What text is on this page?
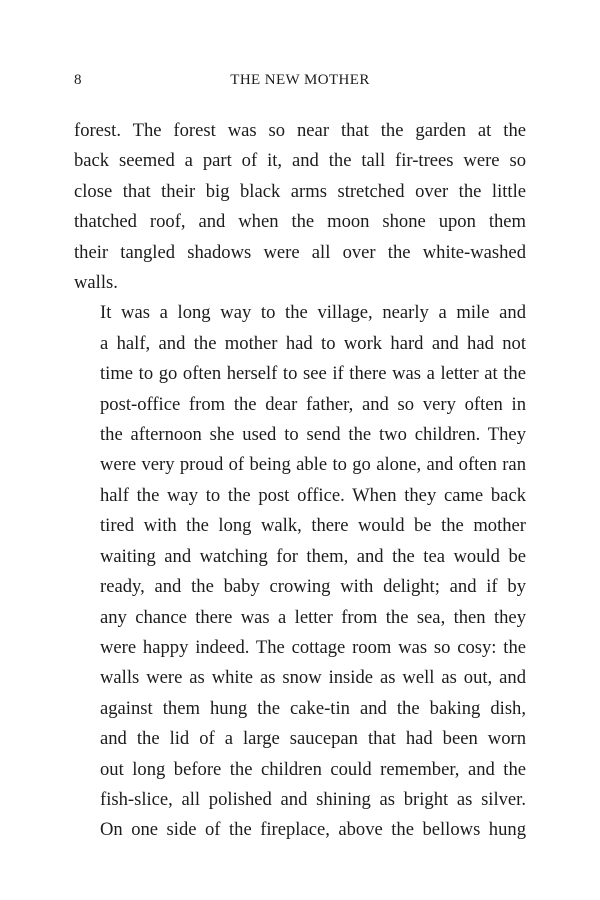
8	THE NEW MOTHER

forest. The forest was so near that the garden at the
back seemed a part of it, and the tall fir-trees were so
close that their big black arms stretched over the little
thatched roof, and when the moon shone upon them
their tangled shadows were all over the white-washed
walls.

It was a long way to the village, nearly a mile and
a half, and the mother had to work hard and had not
time to go often herself to see if there was a letter at the
post-office from the dear father, and so very often in
the afternoon she used to send the two children. They
were very proud of being able to go alone, and often ran
half the way to the post office. When they came back
tired with the long walk, there would be the mother
waiting and watching for them, and the tea would be
ready, and the baby crowing with delight; and if by
any chance there was a letter from the sea, then they
were happy indeed. The cottage room was so cosy: the
walls were as white as snow inside as well as out, and
against them hung the cake-tin and the baking dish,
and the lid of a large saucepan that had been worn
out long before the children could remember, and the
fish-slice, all polished and shining as bright as silver.
On one side of the fireplace, above the bellows hung
